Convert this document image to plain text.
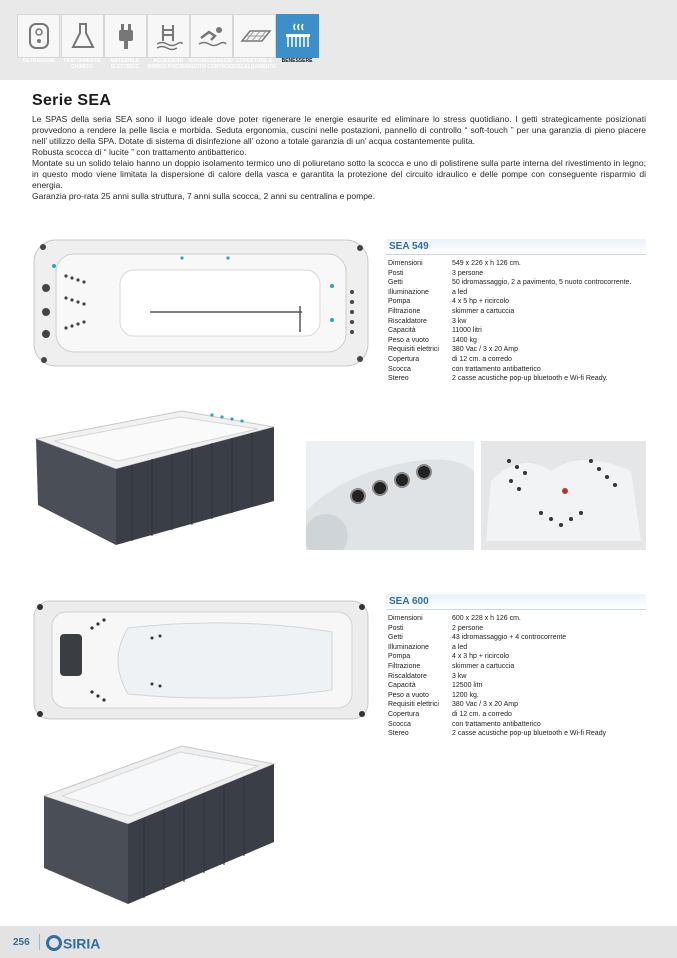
FILTRAZIONE	TRATTAMENTO
CHIMICO
MATERIALE
ELETTRICO
ACCESSORI
BORDO PISCINA
IDROMASSAGGIO
NUOTO CONTROC.
COPERTURE E
RISCALDAMENTO
BENESSERE
Serie SEA

Le SPAS della seria SEA sono il luogo ideale dove poter rigenerare le energie esaurite ed eliminare lo stress quotidiano. I getti strategicamente posizionati provvedono a rendere la pelle liscia e morbida. Seduta ergonomia, cuscini nelle postazioni, pannello di controllo “ soft-touch ” per una garanzia di pieno piacere nell’ utilizzo della SPA. Dotate di sistema di disinfezione all’ ozono a totale garanzia di un’ acqua costantemente pulita.

Robusta scocca di “ lucite ” con trattamento antibatterico.

Montate su un solido telaio hanno un doppio isolamento termico uno di poliuretano sotto la scocca e uno di polistirene sulla parte interna del rivestimento in legno; in questo modo viene limitata la dispersione di calore della vasca e garantita la protezione del circuito idraulico e delle pompe con conseguente risparmio di energia.

Garanzia pro-rata 25 anni sulla struttura, 7 anni sulla scocca, 2 anni su centralina e pompe.

SEA 549
Dimensioni	549 x 226 x h 126 cm.
Posti	3 persone
Getti	50 idromassaggio, 2 a pavimento, 5 nuoto controcorrente.
Illuminazione	a led
Pompa	4 x 5 hp + ricircolo
Filtrazione	skimmer a cartuccia
Riscaldatore	3 kw
Capacità	11000 litri
Peso a vuoto	1400 kg
Requisiti elettrici	380 Vac / 3 x 20 Amp
Copertura	di 12 cm. a corredo
Scocca	con trattamento antibatterico
Stereo	2 casse acustiche pop-up bluetooth e Wi-fi Ready.
SEA 600
Dimensioni	600 x 228 x h 126 cm.
Posti	2 persone
Getti	43 idromassaggio + 4 controcorrente
Illuminazione	a led
Pompa	4 x 3 hp + ricircolo
Filtrazione	skimmer a cartuccia
Riscaldatore	3 kw
Capacità	12500 litri
Peso a vuoto	1200 kg.
Requisiti elettrici	380 Vac / 3 x 20 Amp
Copertura	di 12 cm. a corredo
Scocca	con trattamento antibatterico
Stereo	2 casse acustiche pop-up bluetooth e Wi-fi Ready
256 SIRIA
